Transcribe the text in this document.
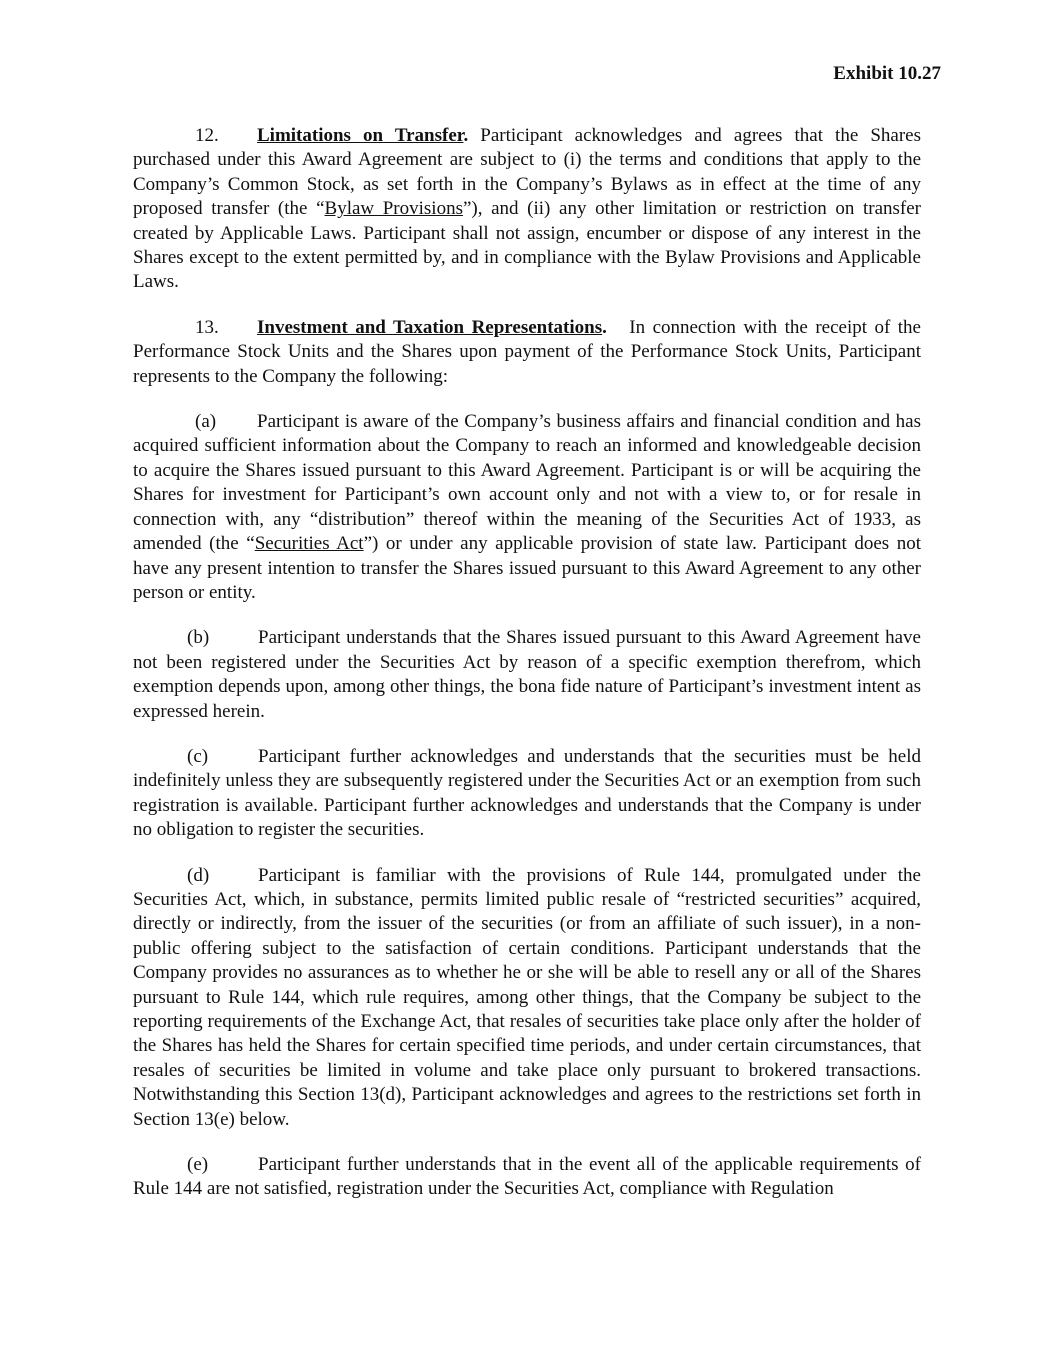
Exhibit 10.27

12. Limitations on Transfer. Participant acknowledges and agrees that the Shares purchased under this Award Agreement are subject to (i) the terms and conditions that apply to the Company’s Common Stock, as set forth in the Company’s Bylaws as in effect at the time of any proposed transfer (the “Bylaw Provisions”), and (ii) any other limitation or restriction on transfer created by Applicable Laws. Participant shall not assign, encumber or dispose of any interest in the Shares except to the extent permitted by, and in compliance with the Bylaw Provisions and Applicable Laws.

13. Investment and Taxation Representations.   In connection with the receipt of the Performance Stock Units and the Shares upon payment of the Performance Stock Units, Participant represents to the Company the following:

(a) Participant is aware of the Company’s business affairs and financial condition and has acquired sufficient information about the Company to reach an informed and knowledgeable decision to acquire the Shares issued pursuant to this Award Agreement. Participant is or will be acquiring the Shares for investment for Participant’s own account only and not with a view to, or for resale in connection with, any “distribution” thereof within the meaning of the Securities Act of 1933, as amended (the “Securities Act”) or under any applicable provision of state law. Participant does not have any present intention to transfer the Shares issued pursuant to this Award Agreement to any other person or entity.

(b)	Participant understands that the Shares issued pursuant to this Award Agreement have not been registered under the Securities Act by reason of a specific exemption therefrom, which exemption depends upon, among other things, the bona fide nature of Participant’s investment intent as expressed herein.

(c)	Participant further acknowledges and understands that the securities must be held indefinitely unless they are subsequently registered under the Securities Act or an exemption from such registration is available. Participant further acknowledges and understands that the Company is under no obligation to register the securities.

(d)	Participant is familiar with the provisions of Rule 144, promulgated under the Securities Act, which, in substance, permits limited public resale of “restricted securities” acquired, directly or indirectly, from the issuer of the securities (or from an affiliate of such issuer), in a non-public offering subject to the satisfaction of certain conditions. Participant understands that the Company provides no assurances as to whether he or she will be able to resell any or all of the Shares pursuant to Rule 144, which rule requires, among other things, that the Company be subject to the reporting requirements of the Exchange Act, that resales of securities take place only after the holder of the Shares has held the Shares for certain specified time periods, and under certain circumstances, that resales of securities be limited in volume and take place only pursuant to brokered transactions. Notwithstanding this Section 13(d), Participant acknowledges and agrees to the restrictions set forth in Section 13(e) below.

(e)	Participant further understands that in the event all of the applicable requirements of Rule 144 are not satisfied, registration under the Securities Act, compliance with Regulation
